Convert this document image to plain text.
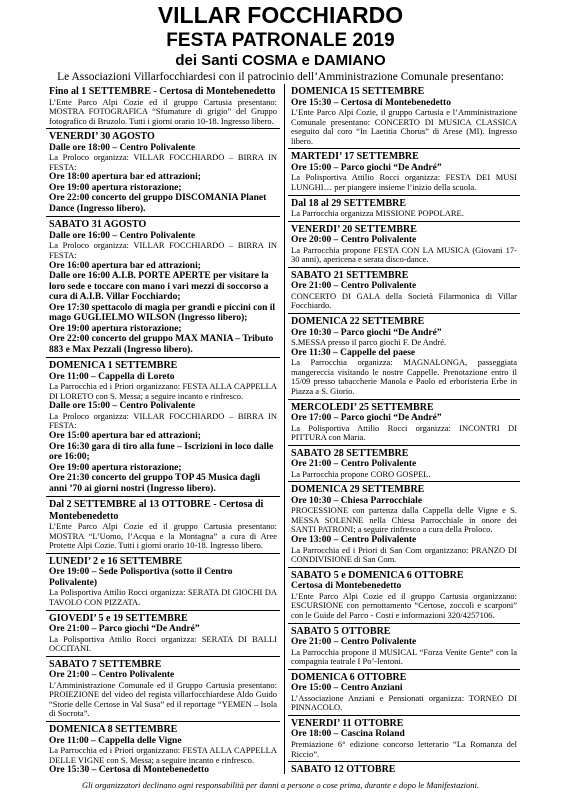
VILLAR FOCCHIARDO
FESTA PATRONALE 2019
dei Santi COSMA e DAMIANO
Le Associazioni Villarfocchiardesi con il patrocinio dell’Amministrazione Comunale presentano:
Fino al 1 SETTEMBRE - Certosa di Montebenedetto
L’Ente Parco Alpi Cozie ed il gruppo Cartusia presentano: MOSTRA FOTOGRAFICA “Sfumature di grigio” del Gruppo fotografico di Bruzolo. Tutti i giorni orario 10-18. Ingresso libero.
VENERDI’ 30 AGOSTO
Dalle ore 18:00 – Centro Polivalente
La Proloco organizza: VILLAR FOCCHIARDO – BIRRA IN FESTA:
Ore 18:00 apertura bar ed attrazioni;
Ore 19:00 apertura ristorazione;
Ore 22:00 concerto del gruppo DISCOMANIA Planet Dance (Ingresso libero).
SABATO 31 AGOSTO
Dalle ore 16:00 – Centro Polivalente
La Proloco organizza: VILLAR FOCCHIARDO – BIRRA IN FESTA:
Ore 16:00 apertura bar ed attrazioni;
Dalle ore 16:00 A.I.B. PORTE APERTE per visitare la loro sede e toccare con mano i vari mezzi di soccorso a cura di A.I.B. Villar Focchiardo;
Ore 17:30 spettacolo di magia per grandi e piccini con il mago GUGLIELMO WILSON (Ingresso libero);
Ore 19:00 apertura ristorazione;
Ore 22:00 concerto del gruppo MAX MANIA – Tributo 883 e Max Pezzali (Ingresso libero).
DOMENICA 1 SETTEMBRE
Ore 11:00 – Cappella di Loreto
La Parrocchia ed i Priori organizzano: FESTA ALLA CAPPELLA DI LORETO con S. Messa; a seguire incanto e rinfresco.
Dalle ore 15:00 – Centro Polivalente
La Proloco organizza: VILLAR FOCCHIARDO – BIRRA IN FESTA:
Ore 15:00 apertura bar ed attrazioni;
Ore 16:30 gara di tiro alla fune – Iscrizioni in loco dalle ore 16:00;
Ore 19:00 apertura ristorazione;
Ore 21:30 concerto del gruppo TOP 45 Musica dagli anni ’70 ai giorni nostri (Ingresso libero).
Dal 2 SETTEMBRE al 13 OTTOBRE - Certosa di Montebenedetto
L’Ente Parco Alpi Cozie ed il gruppo Cartusia presentano: MOSTRA “L’Uomo, l’Acqua e la Montagna” a cura di Aree Protette Alpi Cozie. Tutti i giorni orario 10-18. Ingresso libero.
LUNEDI’ 2 e 16 SETTEMBRE
Ore 19:00 – Sede Polisportiva (sotto il Centro Polivalente)
La Polisportiva Attilio Rocci organizza: SERATA DI GIOCHI DA TAVOLO CON PIZZATA.
GIOVEDI’ 5 e 19 SETTEMBRE
Ore 21:00 – Parco giochi “De André”
La Polisportiva Attilio Rocci organizza: SERATA DI BALLI OCCITANI.
SABATO 7 SETTEMBRE
Ore 21:00 – Centro Polivalente
L’Amministrazione Comunale ed il Gruppo Cartusia presentano: PROIEZIONE del video del regista villarfocchiardese Aldo Guido “Storie delle Certose in Val Susa” ed il reportage “YEMEN – Isola di Socrota”.
DOMENICA 8 SETTEMBRE
Ore 11:00 – Cappella delle Vigne
La Parrocchia ed i Priori organizzano: FESTA ALLA CAPPELLA DELLE VIGNE con S. Messa; a seguire incanto e rinfresco.
Ore 15:30 – Certosa di Montebenedetto
DOMENICA 15 SETTEMBRE
Ore 15:30 – Certosa di Montebenedetto
L’Ente Parco Alpi Cozie, il gruppo Cartusia e l’Amministrazione Comunale presentano: CONCERTO DI MUSICA CLASSICA eseguito dal coro “In Laetitia Chorus” di Arese (MI). Ingresso libero.
MARTEDI’ 17 SETTEMBRE
Ore 15:00 – Parco giochi “De André”
La Polisportiva Attilio Rocci organizza: FESTA DEI MUSI LUNGHI… per piangere insieme l’inizio della scuola.
Dal 18 al 29 SETTEMBRE
La Parrocchia organizza MISSIONE POPOLARE.
VENERDI’ 20 SETTEMBRE
Ore 20:00 – Centro Polivalente
La Parrocchia propone FESTA CON LA MUSICA (Giovani 17-30 anni), apericena e serata disco-dance.
SABATO 21 SETTEMBRE
Ore 21:00 – Centro Polivalente
CONCERTO DI GALA della Società Filarmonica di Villar Focchiardo.
DOMENICA 22 SETTEMBRE
Ore 10:30 – Parco giochi “De André”
S.MESSA presso il parco giochi F. De André.
Ore 11:30 – Cappelle del paese
La Parrocchia organizza: MAGNALONGA, passeggiata mangereccia visitando le nostre Cappelle. Prenotazione entro il 15/09 presso tabaccherie Manola e Paolo ed erboristeria Erbe in Piazza a S. Giorio.
MERCOLEDI’ 25 SETTEMBRE
Ore 17:00 – Parco giochi “De André”
La Polisportiva Attilio Rocci organizza: INCONTRI DI PITTURA con Maria.
SABATO 28 SETTEMBRE
Ore 21:00 – Centro Polivalente
La Parrocchia propone CORO GOSPEL.
DOMENICA 29 SETTEMBRE
Ore 10:30 – Chiesa Parrocchiale
PROCESSIONE con partenza dalla Cappella delle Vigne e S. MESSA SOLENNE nella Chiesa Parrocchiale in onore dei SANTI PATRONI; a seguire rinfresco a cura della Proloco.
Ore 13:00 – Centro Polivalente
La Parrocchia ed i Priori di San Com organizzano: PRANZO DI CONDIVISIONE di San Com.
SABATO 5 e DOMENICA 6 OTTOBRE
Certosa di Montebenedetto
L’Ente Parco Alpi Cozie ed il gruppo Cartusia organizzano: ESCURSIONE con pernottamento “Certose, zoccoli e scarponi” con le Guide del Parco - Costi e informazioni 320/4257106.
SABATO 5 OTTOBRE
Ore 21:00 – Centro Polivalente
La Parrocchia propone il MUSICAL “Forza Venite Gente” con la compagnia teatrale I Po’-lentoni.
DOMENICA 6 OTTOBRE
Ore 15:00 – Centro Anziani
L’Associazione Anziani e Pensionati organizza: TORNEO DI PINNACOLO.
VENERDI’ 11 OTTOBRE
Ore 18:00 – Cascina Roland
Premiazione 6° edizione concorso letterario “La Romanza del Riccio”.
SABATO 12 OTTOBRE
Gli organizzatori declinano ogni responsabilità per danni a persone o cose prima, durante e dopo le Manifestazioni.
